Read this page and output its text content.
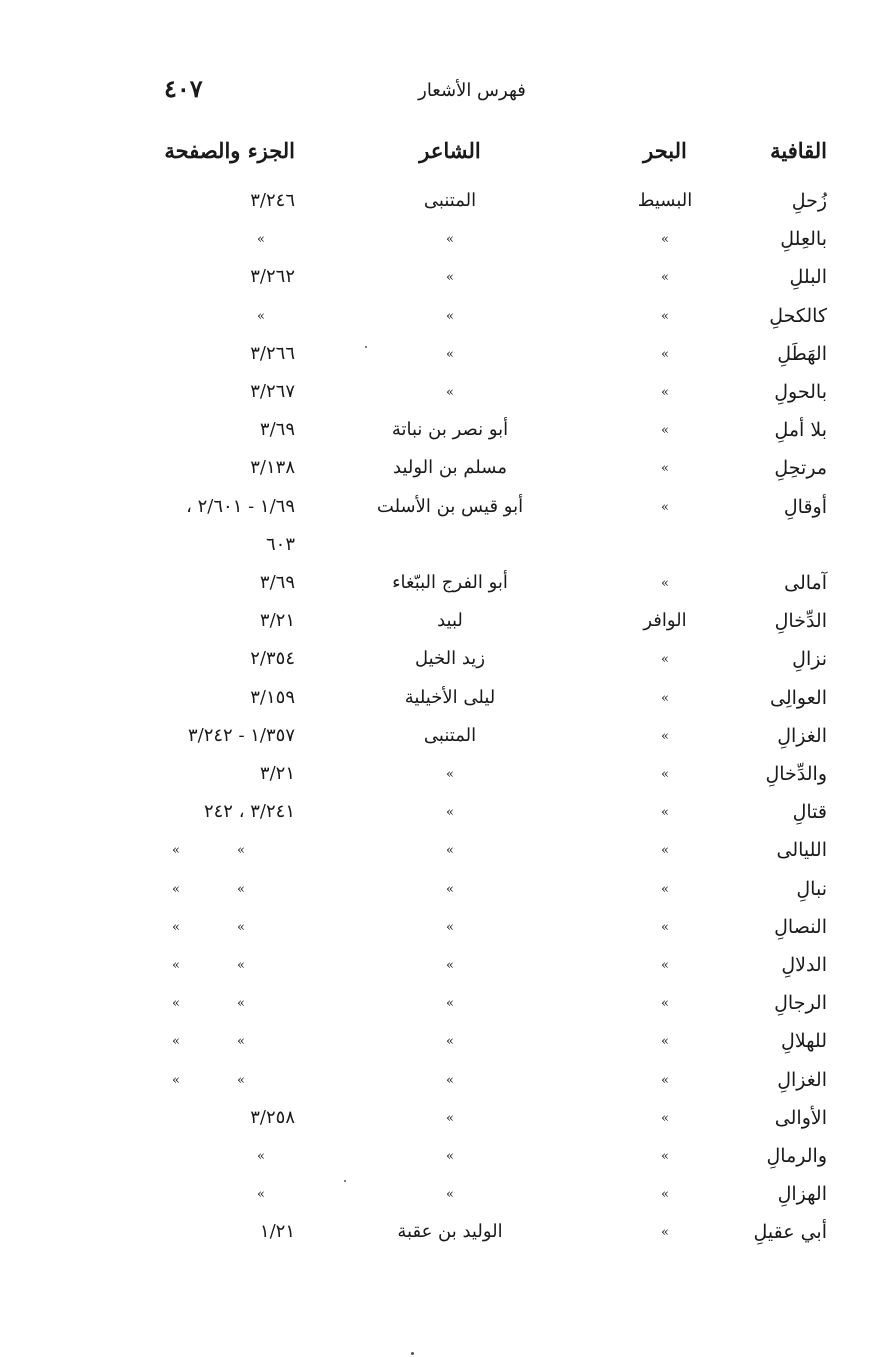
٤٠٧	فهرس الأشعار
القافية
البحر
الشاعر
الجزء والصفحة
زُحلِ
البسيط
المتنبى
٣/٢٤٦
بالعِللِ
»
»
»
البللِ
»
»
٣/٢٦٢
كالكحلِ
»
»
»
الهَطَلِ
»
»
٣/٢٦٦
بالحولِ
»
»
٣/٢٦٧
بلا أملِ
»
أبو نصر بن نباتة
٣/٦٩
مرتحِلِ
»
مسلم بن الوليد
٣/١٣٨
أوقالِ
»
أبو قيس بن الأسلت
١/٦٩ - ٢/٦٠١ ،
٦٠٣
آمالى
»
أبو الفرج الببّغاء
٣/٦٩
الدِّخالِ
الوافر
لبيد
٣/٢١
نزالِ
»
زيد الخيل
٢/٣٥٤
العوالِى
»
ليلى الأخيلية
٣/١٥٩
الغزالِ
»
المتنبى
١/٣٥٧ - ٣/٢٤٢
والدِّخالِ
»
»
٣/٢١
قتالِ
»
»
٣/٢٤١ ، ٢٤٢
الليالى
»
»
»
»
نبالِ
»
»
»
»
النصالِ
»
»
»
»
الدلالِ
»
»
»
»
الرجالِ
»
»
»
»
للهلالِ
»
»
»
»
الغزالِ
»
»
»
»
الأوالى
»
»
٣/٢٥٨
والرمالِ
»
»
»
الهزالِ
»
»
»
أبي عقيلِ
»
الوليد بن عقبة
١/٢١
